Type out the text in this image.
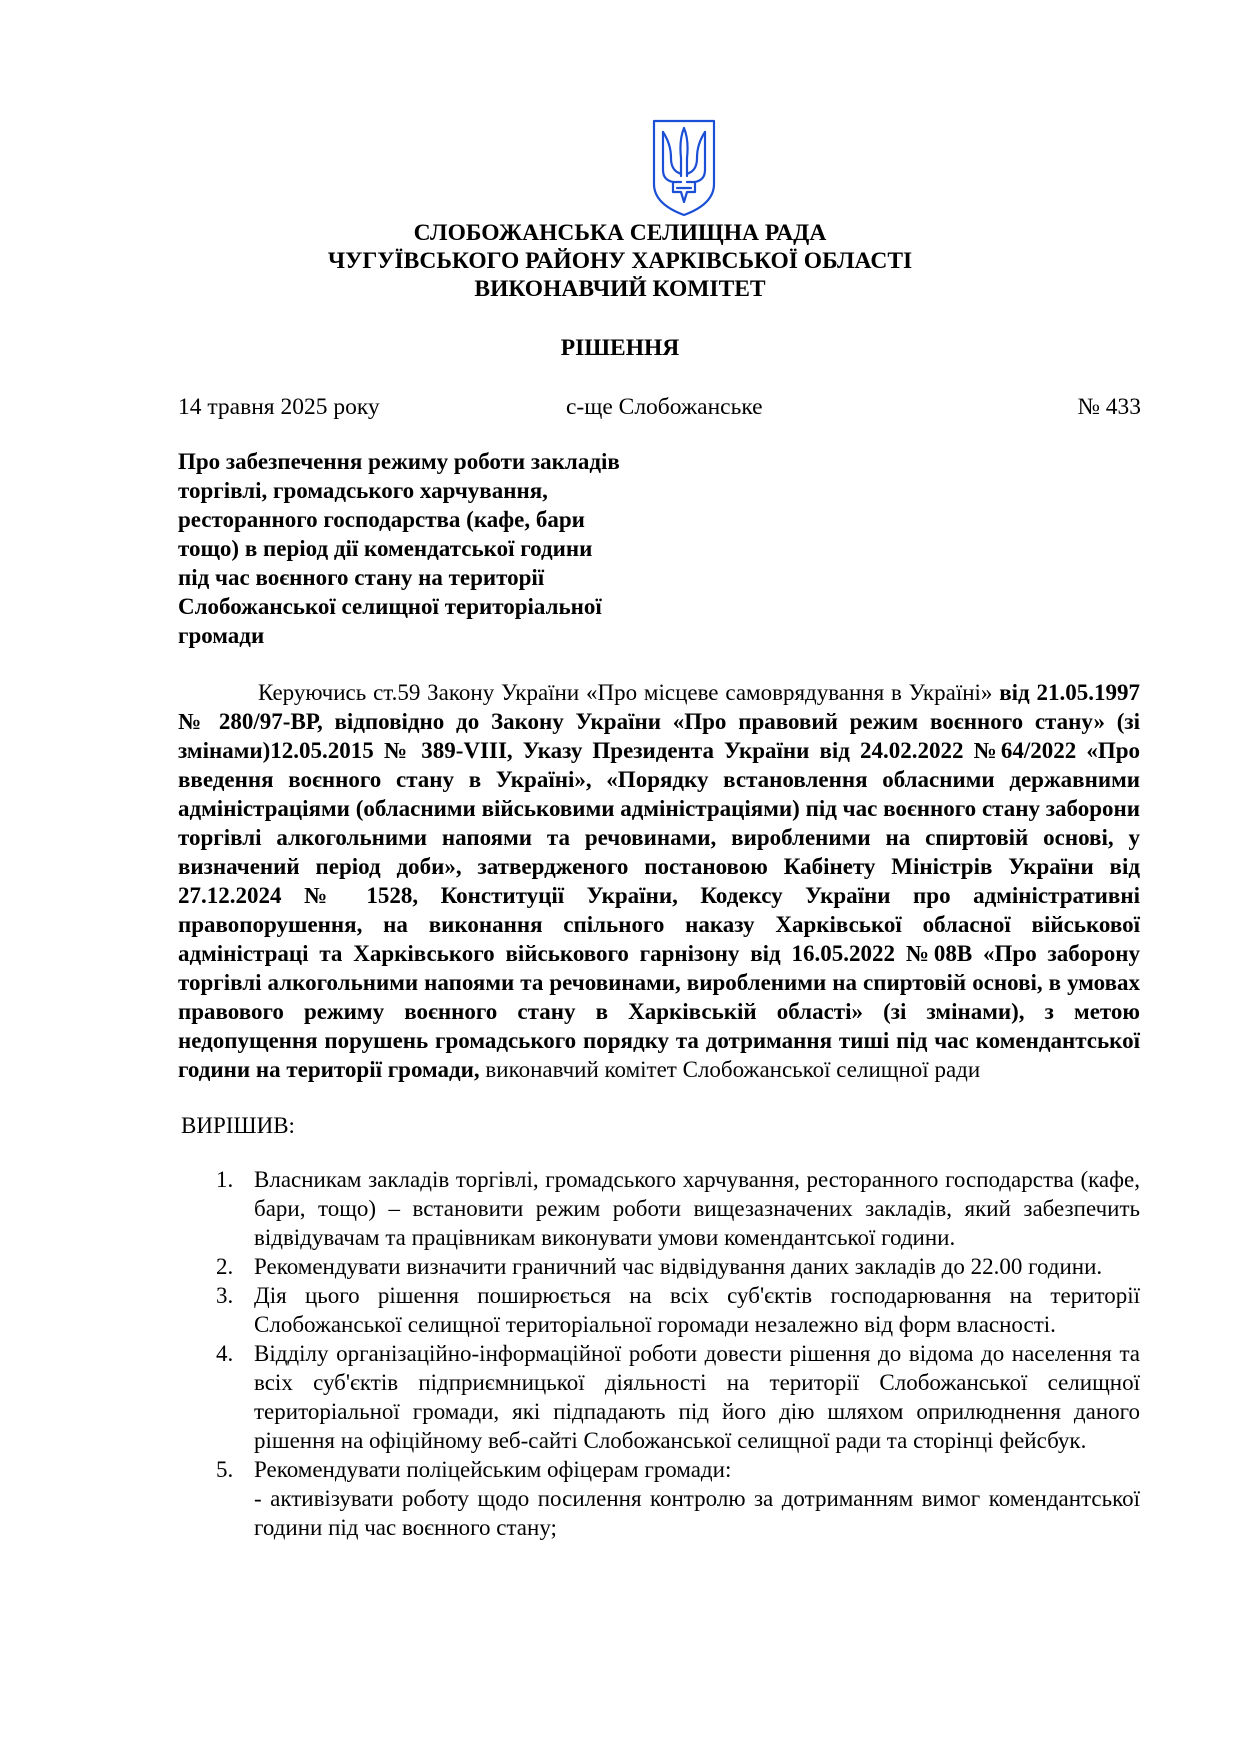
СЛОБОЖАНСЬКА СЕЛИЩНА РАДА
ЧУГУЇВСЬКОГО РАЙОНУ ХАРКІВСЬКОЇ ОБЛАСТІ
ВИКОНАВЧИЙ КОМІТЕТ
РІШЕННЯ
14 травня 2025 року	с-ще Слобожанське	№ 433
Про забезпечення режиму роботи закладів
торгівлі, громадського харчування,
ресторанного господарства (кафе, бари
тощо) в період дії комендатської години
під час воєнного стану на території
Слобожанської селищної територіальної
громади
Керуючись ст.59 Закону України «Про місцеве самоврядування в Україні» від 21.05.1997 № 280/97-ВР, відповідно до Закону України «Про правовий режим воєнного стану» (зі змінами)12.05.2015 № 389-VIII, Указу Президента України від 24.02.2022 №64/2022 «Про введення воєнного стану в Україні», «Порядку встановлення обласними державними адміністраціями (обласними військовими адміністраціями) під час воєнного стану заборони торгівлі алкогольними напоями та речовинами, виробленими на спиртовій основі, у визначений період доби», затвердженого постановою Кабінету Міністрів України від 27.12.2024 № 1528, Конституції України, Кодексу України про адміністративні правопорушення, на виконання спільного наказу Харківської обласної військової адміністраці та Харківського військового гарнізону від 16.05.2022 №08В «Про заборону торгівлі алкогольними напоями та речовинами, виробленими на спиртовій основі, в умовах правового режиму воєнного стану в Харківській області» (зі змінами), з метою недопущення порушень громадського порядку та дотримання тиші під час комендантської години на території громади, виконавчий комітет Слобожанської селищної ради
ВИРІШИВ:
1. Власникам закладів торгівлі, громадського харчування, ресторанного господарства (кафе, бари, тощо) – встановити режим роботи вищезазначених закладів, який забезпечить відвідувачам та працівникам виконувати умови комендантської години.
2. Рекомендувати визначити граничний час відвідування даних закладів до 22.00 години.
3. Дія цього рішення поширюється на всіх суб'єктів господарювання на території Слобожанської селищної територіальної горомади незалежно від форм власності.
4. Відділу організаційно-інформаційної роботи довести рішення до відома до населення та всіх суб'єктів підприємницької діяльності на території Слобожанської селищної територіальної громади, які підпадають під його дію шляхом оприлюднення даного рішення на офіційному веб-сайті Слобожанської селищної ради та сторінці фейсбук.
5. Рекомендувати поліцейським офіцерам громади:
- активізувати роботу щодо посилення контролю за дотриманням вимог комендантської години під час воєнного стану;
